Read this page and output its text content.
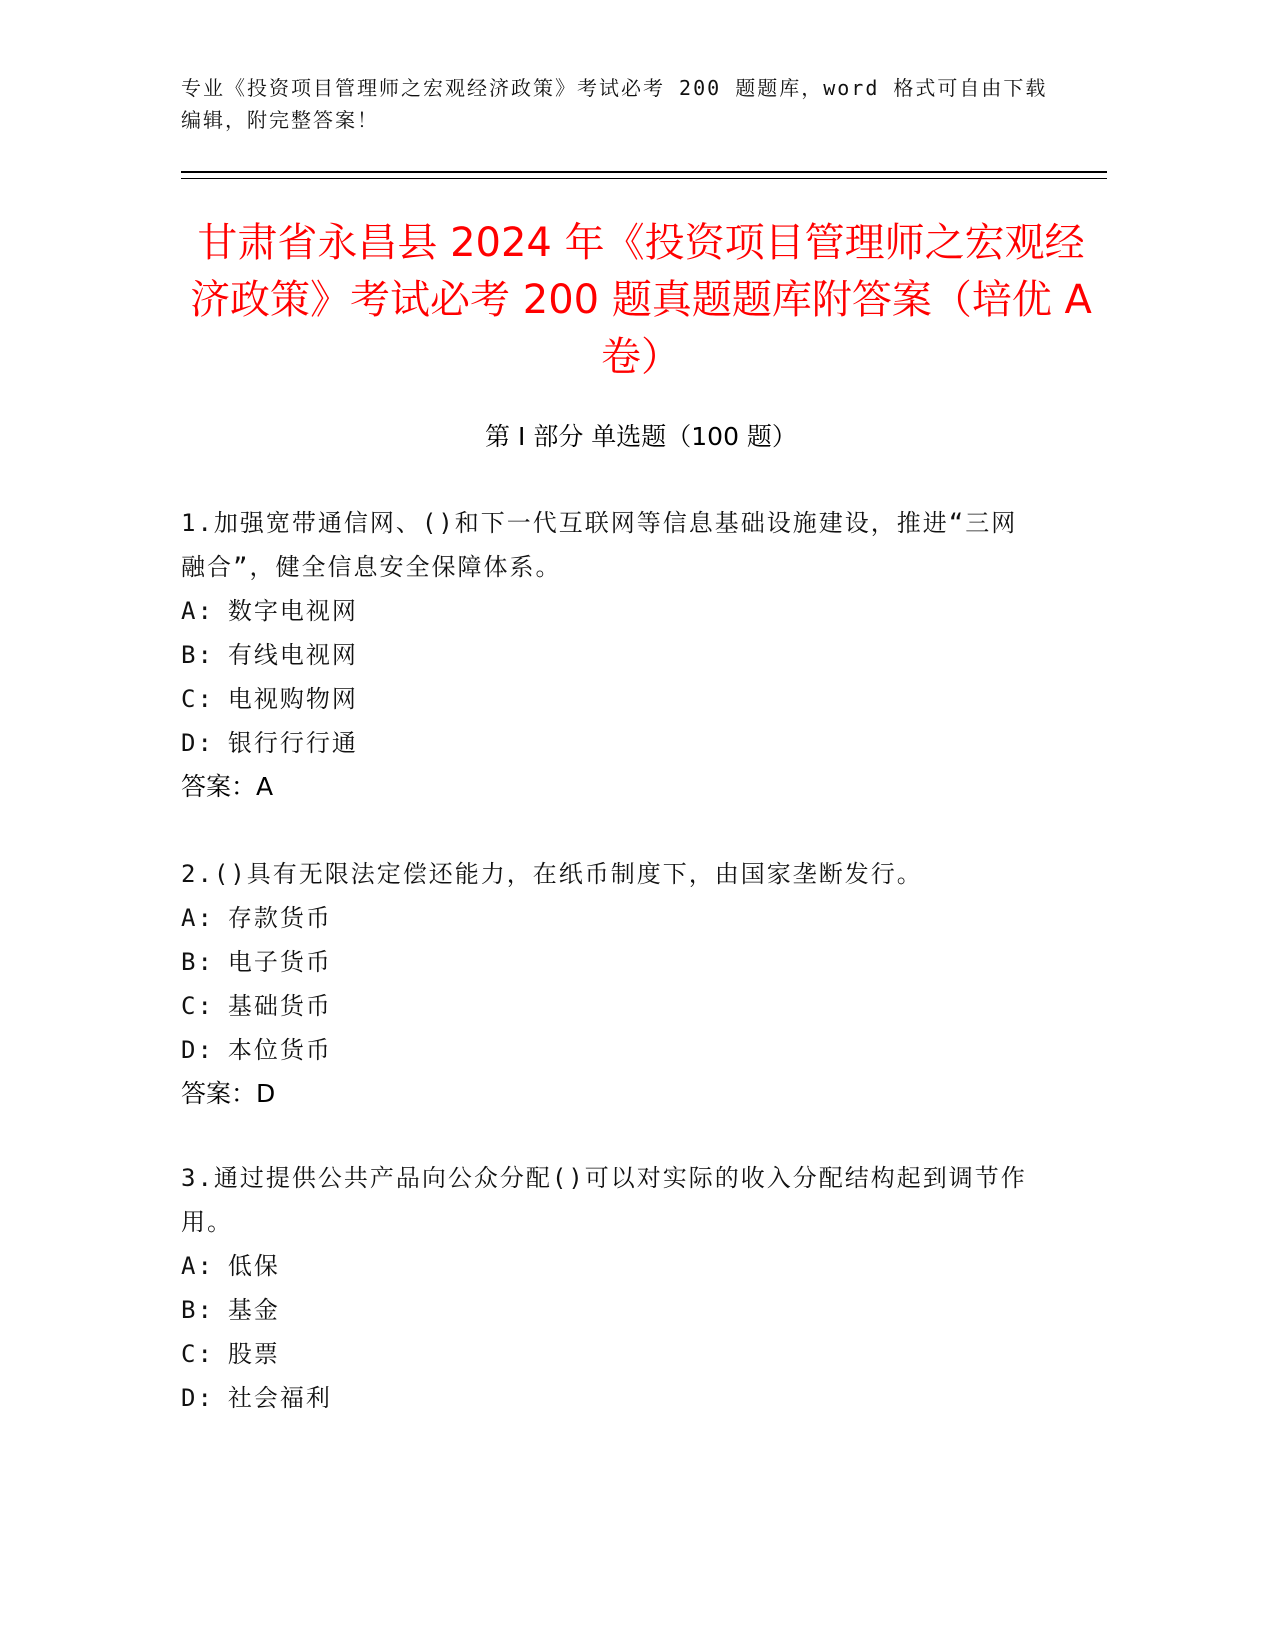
专业《投资项目管理师之宏观经济政策》考试必考 200 题题库，word 格式可自由下载编辑，附完整答案！
甘肃省永昌县 2024 年《投资项目管理师之宏观经济政策》考试必考 200 题真题题库附答案（培优 A 卷）
第 I 部分 单选题（100 题）

1.加强宽带通信网、()和下一代互联网等信息基础设施建设，推进“三网融合”，健全信息安全保障体系。

A: 数字电视网

B: 有线电视网

C: 电视购物网

D: 银行行行通

答案：A

2.()具有无限法定偿还能力，在纸币制度下，由国家垄断发行。

A: 存款货币

B: 电子货币

C: 基础货币

D: 本位货币

答案：D

3.通过提供公共产品向公众分配()可以对实际的收入分配结构起到调节作用。

A: 低保

B: 基金

C: 股票

D: 社会福利
